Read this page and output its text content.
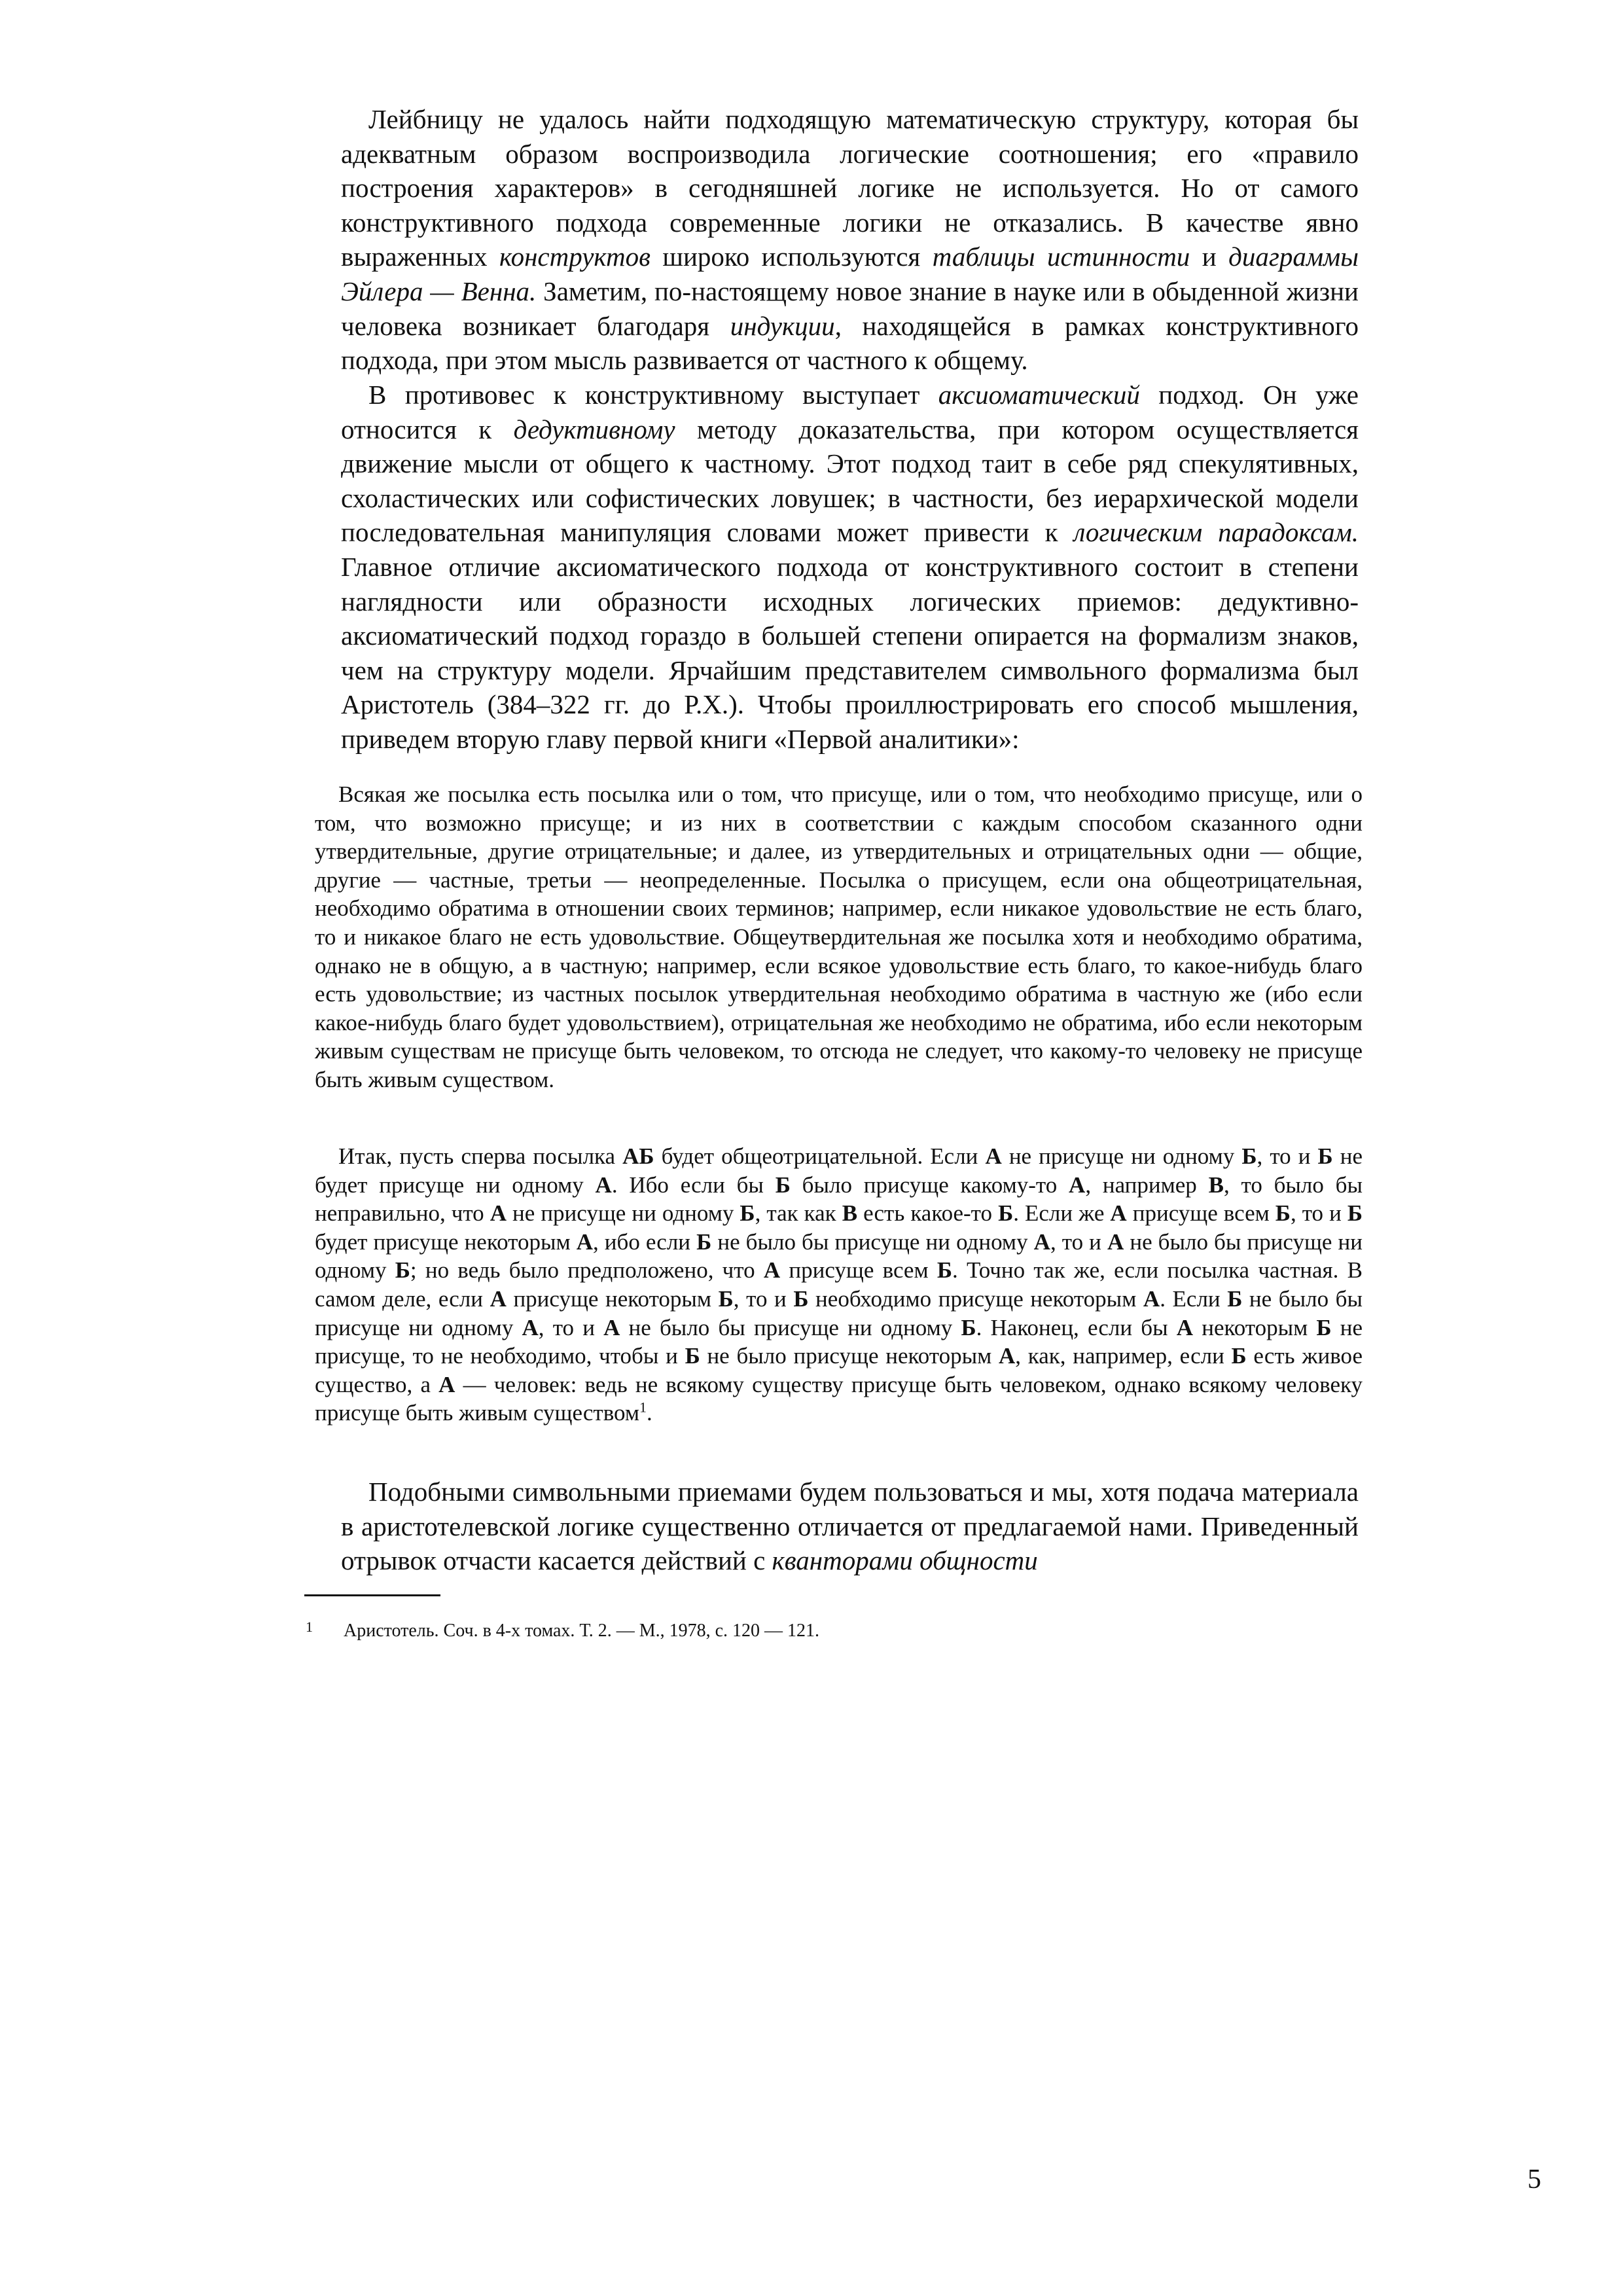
Лейбницу не удалось найти подходящую математическую структуру, которая бы адекватным образом воспроизводила логические соотношения; его «правило построения характеров» в сегодняшней логике не используется. Но от самого конструктивного подхода современные логики не отказались. В качестве явно выраженных конструктов широко используются таблицы истинности и диаграммы Эйлера — Венна. Заметим, по-настоящему новое знание в науке или в обыденной жизни человека возникает благодаря индукции, находящейся в рамках конструктивного подхода, при этом мысль развивается от частного к общему.

В противовес к конструктивному выступает аксиоматический подход. Он уже относится к дедуктивному методу доказательства, при котором осуществляется движение мысли от общего к частному. Этот подход таит в себе ряд спекулятивных, схоластических или софистических ловушек; в частности, без иерархической модели последовательная манипуляция словами может привести к логическим парадоксам. Главное отличие аксиоматического подхода от конструктивного состоит в степени наглядности или образности исходных логических приемов: дедуктивно-аксиоматический подход гораздо в большей степени опирается на формализм знаков, чем на структуру модели. Ярчайшим представителем символьного формализма был Аристотель (384–322 гг. до Р.Х.). Чтобы проиллюстрировать его способ мышления, приведем вторую главу первой книги «Первой аналитики»:

Всякая же посылка есть посылка или о том, что присуще, или о том, что необходимо присуще, или о том, что возможно присуще; и из них в соответствии с каждым способом сказанного одни утвердительные, другие отрицательные; и далее, из утвердительных и отрицательных одни — общие, другие — частные, третьи — неопределенные. Посылка о присущем, если она общеотрицательная, необходимо обратима в отношении своих терминов; например, если никакое удовольствие не есть благо, то и никакое благо не есть удовольствие. Общеутвердительная же посылка хотя и необходимо обратима, однако не в общую, а в частную; например, если всякое удовольствие есть благо, то какое-нибудь благо есть удовольствие; из частных посылок утвердительная необходимо обратима в частную же (ибо если какое-нибудь благо будет удовольствием), отрицательная же необходимо не обратима, ибо если некоторым живым существам не присуще быть человеком, то отсюда не следует, что какому-то человеку не присуще быть живым существом.

Итак, пусть сперва посылка АБ будет общеотрицательной. Если А не присуще ни одному Б, то и Б не будет присуще ни одному А. Ибо если бы Б было присуще какому-то А, например В, то было бы неправильно, что А не присуще ни одному Б, так как В есть какое-то Б. Если же А присуще всем Б, то и Б будет присуще некоторым А, ибо если Б не было бы присуще ни одному А, то и А не было бы присуще ни одному Б; но ведь было предположено, что А присуще всем Б. Точно так же, если посылка частная. В самом деле, если А присуще некоторым Б, то и Б необходимо присуще некоторым А. Если Б не было бы присуще ни одному А, то и А не было бы присуще ни одному Б. Наконец, если бы А некоторым Б не присуще, то не необходимо, чтобы и Б не было присуще некоторым А, как, например, если Б есть живое существо, а А — человек: ведь не всякому существу присуще быть человеком, однако всякому человеку присуще быть живым существом$^1$.

Подобными символьными приемами будем пользоваться и мы, хотя подача материала в аристотелевской логике существенно отличается от предлагаемой нами. Приведенный отрывок отчасти касается действий с кванторами общности

1 Аристотель. Соч. в 4-х томах. Т. 2. — М., 1978, с. 120 — 121.
5
